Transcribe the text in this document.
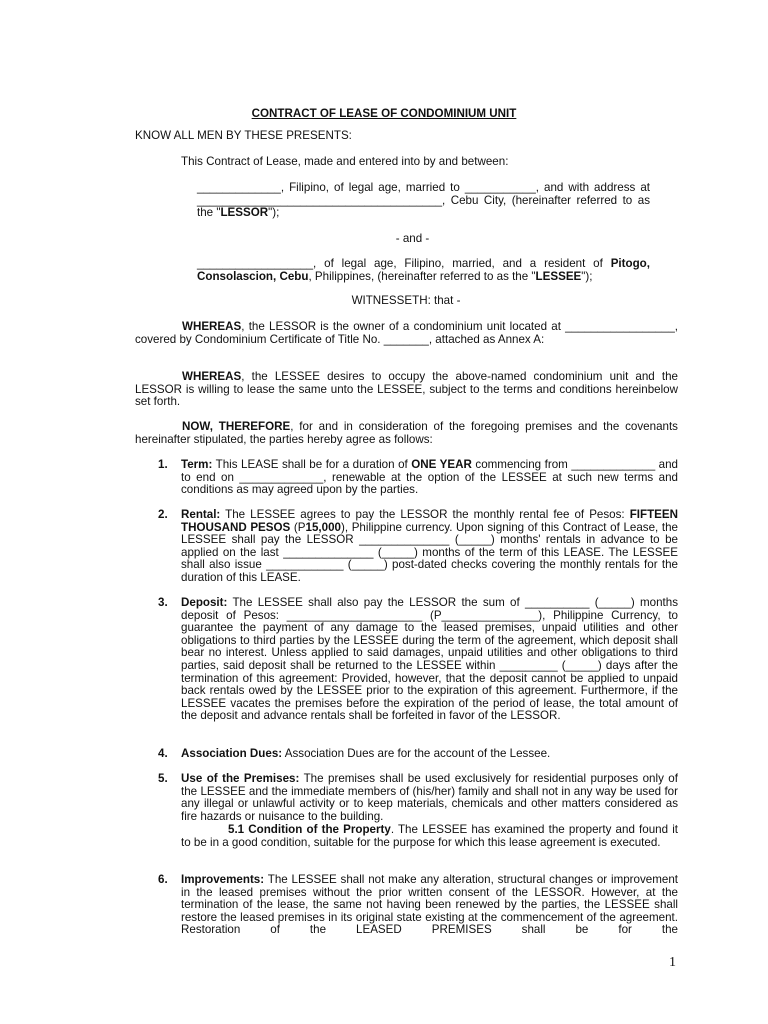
CONTRACT OF LEASE OF CONDOMINIUM UNIT
KNOW ALL MEN BY THESE PRESENTS:
This Contract of Lease, made and entered into by and between:
_____________, Filipino, of legal age, married to ___________, and with address at ______________________________________, Cebu City, (hereinafter referred to as the "LESSOR");
- and -
__________________, of legal age, Filipino, married, and a resident of Pitogo, Consolascion, Cebu, Philippines, (hereinafter referred to as the "LESSEE");
WITNESSETH: that -
WHEREAS, the LESSOR is the owner of a condominium unit located at _________________, covered by Condominium Certificate of Title No. _______, attached as Annex A:
WHEREAS, the LESSEE desires to occupy the above-named condominium unit and the LESSOR is willing to lease the same unto the LESSEE, subject to the terms and conditions hereinbelow set forth.
NOW, THEREFORE, for and in consideration of the foregoing premises and the covenants hereinafter stipulated, the parties hereby agree as follows:
1. Term: This LEASE shall be for a duration of ONE YEAR commencing from _____________ and to end on _____________, renewable at the option of the LESSEE at such new terms and conditions as may agreed upon by the parties.
2. Rental: The LESSEE agrees to pay the LESSOR the monthly rental fee of Pesos: FIFTEEN THOUSAND PESOS (P15,000), Philippine currency. Upon signing of this Contract of Lease, the LESSEE shall pay the LESSOR ______________ (_____) months' rentals in advance to be applied on the last ______________ (_____) months of the term of this LEASE. The LESSEE shall also issue ____________ (_____) post-dated checks covering the monthly rentals for the duration of this LEASE.
3. Deposit: The LESSEE shall also pay the LESSOR the sum of __________ (_____) months deposit of Pesos: _____________________ (P_______________), Philippine Currency, to guarantee the payment of any damage to the leased premises, unpaid utilities and other obligations to third parties by the LESSEE during the term of the agreement, which deposit shall bear no interest. Unless applied to said damages, unpaid utilities and other obligations to third parties, said deposit shall be returned to the LESSEE within _________ (_____) days after the termination of this agreement: Provided, however, that the deposit cannot be applied to unpaid back rentals owed by the LESSEE prior to the expiration of this agreement. Furthermore, if the LESSEE vacates the premises before the expiration of the period of lease, the total amount of the deposit and advance rentals shall be forfeited in favor of the LESSOR.
4. Association Dues: Association Dues are for the account of the Lessee.
5. Use of the Premises: The premises shall be used exclusively for residential purposes only of the LESSEE and the immediate members of (his/her) family and shall not in any way be used for any illegal or unlawful activity or to keep materials, chemicals and other matters considered as fire hazards or nuisance to the building.
5.1 Condition of the Property. The LESSEE has examined the property and found it to be in a good condition, suitable for the purpose for which this lease agreement is executed.
6. Improvements: The LESSEE shall not make any alteration, structural changes or improvement in the leased premises without the prior written consent of the LESSOR. However, at the termination of the lease, the same not having been renewed by the parties, the LESSEE shall restore the leased premises in its original state existing at the commencement of the agreement. Restoration of the LEASED PREMISES shall be for the
1
